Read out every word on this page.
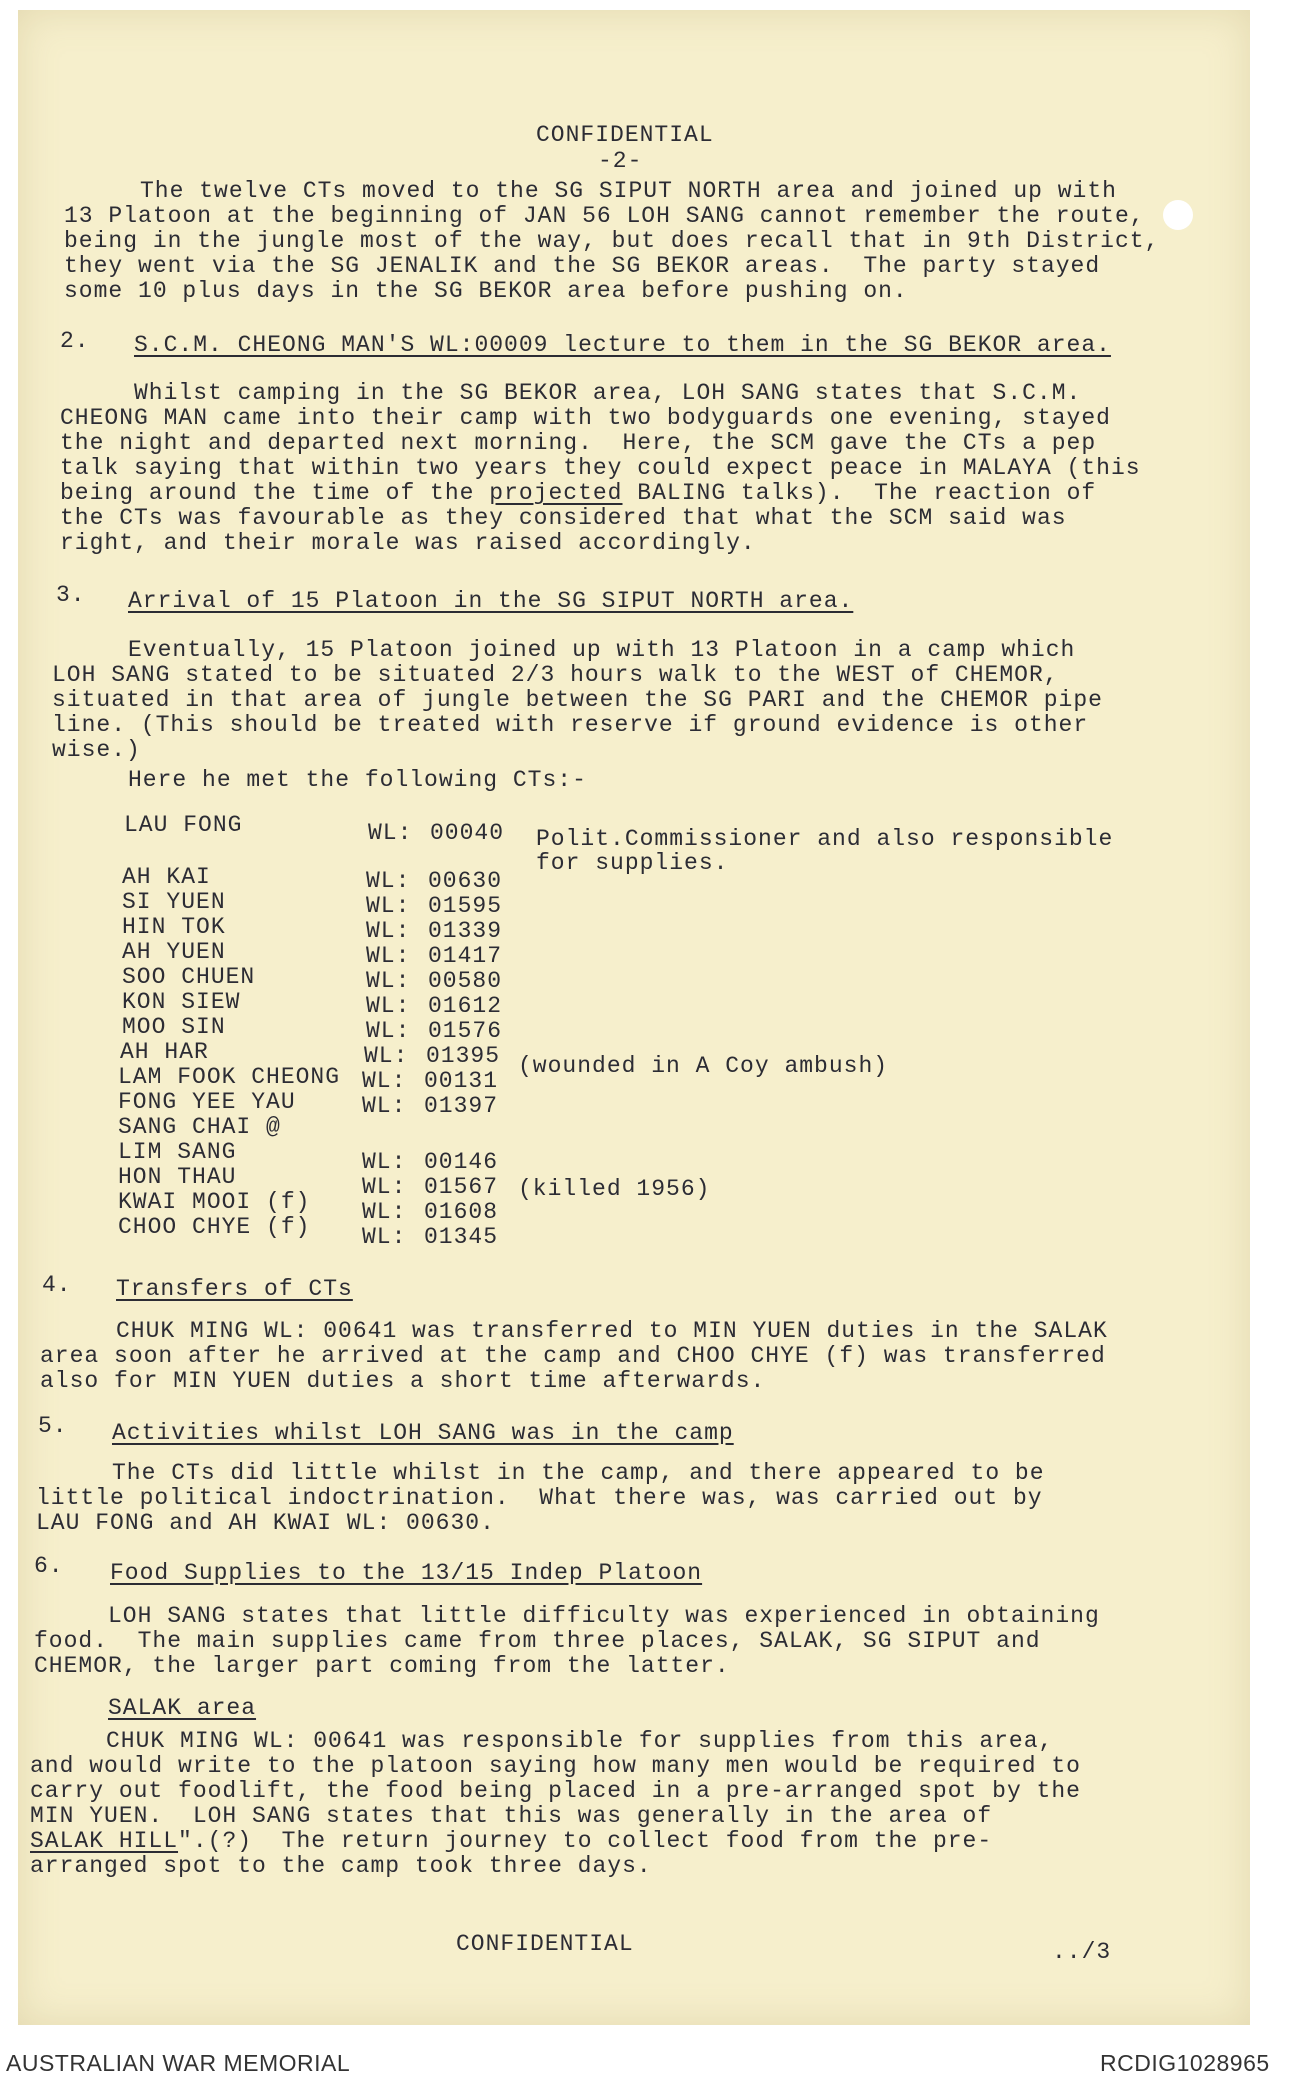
CONFIDENTIAL
-2-
The twelve CTs moved to the SG SIPUT NORTH area and joined up with
13 Platoon at the beginning of JAN 56 LOH SANG cannot remember the route,
being in the jungle most of the way, but does recall that in 9th District,
they went via the SG JENALIK and the SG BEKOR areas.  The party stayed
some 10 plus days in the SG BEKOR area before pushing on.
2. S.C.M. CHEONG MAN'S WL:00009 lecture to them in the SG BEKOR area.
Whilst camping in the SG BEKOR area, LOH SANG states that S.C.M.
CHEONG MAN came into their camp with two bodyguards one evening, stayed
the night and departed next morning.  Here, the SCM gave the CTs a pep
talk saying that within two years they could expect peace in MALAYA (this
being around the time of the projected BALING talks).  The reaction of
the CTs was favourable as they considered that what the SCM said was
right, and their morale was raised accordingly.
3. Arrival of 15 Platoon in the SG SIPUT NORTH area.
Eventually, 15 Platoon joined up with 13 Platoon in a camp which
LOH SANG stated to be situated 2/3 hours walk to the WEST of CHEMOR,
situated in that area of jungle between the SG PARI and the CHEMOR pipe
line. (This should be treated with reserve if ground evidence is other
wise.)
Here he met the following CTs:-
LAU FONG	WL: 00040 Polit.Commissioner and also responsible
for supplies.
AH KAI	WL: 00630
SI YUEN	WL: 01595
HIN TOK	WL: 01339
AH YUEN	WL: 01417
SOO CHUEN	WL: 00580
KON SIEW	WL: 01612
MOO SIN	WL: 01576
AH HAR	WL: 01395 (wounded in A Coy ambush)
LAM FOOK CHEONG WL: 00131
FONG YEE YAU	WL: 01397
SANG CHAI @
LIM SANG	WL: 00146
HON THAU	WL: 01567 (killed 1956)
KWAI MOOI (f) WL: 01608
CHOO CHYE (f) WL: 01345
4. Transfers of CTs
CHUK MING WL: 00641 was transferred to MIN YUEN duties in the SALAK
area soon after he arrived at the camp and CHOO CHYE (f) was transferred
also for MIN YUEN duties a short time afterwards.
5. Activities whilst LOH SANG was in the camp
The CTs did little whilst in the camp, and there appeared to be
little political indoctrination.  What there was, was carried out by
LAU FONG and AH KWAI WL: 00630.
6. Food Supplies to the 13/15 Indep Platoon
LOH SANG states that little difficulty was experienced in obtaining
food.  The main supplies came from three places, SALAK, SG SIPUT and
CHEMOR, the larger part coming from the latter.
SALAK area
CHUK MING WL: 00641 was responsible for supplies from this area,
and would write to the platoon saying how many men would be required to
carry out foodlift, the food being placed in a pre-arranged spot by the
MIN YUEN.  LOH SANG states that this was generally in the area of
SALAK HILL".(?)  The return journey to collect food from the pre-
arranged spot to the camp took three days.
CONFIDENTIAL	../3
AUSTRALIAN WAR MEMORIAL	RCDIG1028965
